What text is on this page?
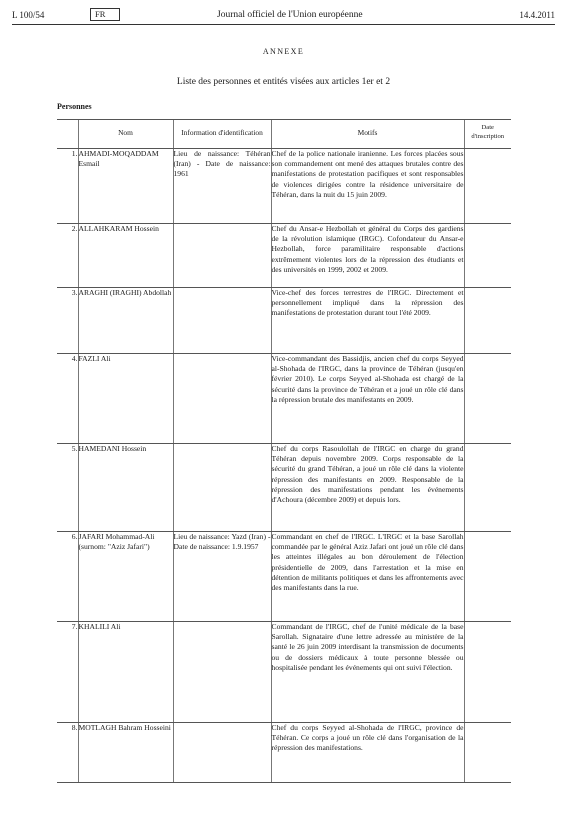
L 100/54	FR	Journal officiel de l'Union européenne	14.4.2011
ANNEXE
Liste des personnes et entités visées aux articles 1er et 2
Personnes
	Nom	Information d'identification	Motifs	Date d'inscription
1.	AHMADI-MOQADDAM Esmail	Lieu de naissance: Téhéran (Iran) - Date de naissance: 1961	Chef de la police nationale iranienne. Les forces placées sous son commandement ont mené des attaques brutales contre des manifestations de protestation pacifiques et sont responsables de violences dirigées contre la résidence universitaire de Téhéran, dans la nuit du 15 juin 2009.	
2.	ALLAHKARAM Hossein		Chef du Ansar-e Hezbollah et général du Corps des gardiens de la révolution islamique (IRGC). Cofondateur du Ansar-e Hezbollah, force paramilitaire responsable d'actions extrêmement violentes lors de la répression des étudiants et des universités en 1999, 2002 et 2009.	
3.	ARAGHI (IRAGHI) Abdollah		Vice-chef des forces terrestres de l'IRGC. Directement et personnellement impliqué dans la répression des manifestations de protestation durant tout l'été 2009.	
4.	FAZLI Ali		Vice-commandant des Bassidjis, ancien chef du corps Seyyed al-Shohada de l'IRGC, dans la province de Téhéran (jusqu'en février 2010). Le corps Seyyed al-Shohada est chargé de la sécurité dans la province de Téhéran et a joué un rôle clé dans la répression brutale des manifestants en 2009.	
5.	HAMEDANI Hossein		Chef du corps Rasoulollah de l'IRGC en charge du grand Téhéran depuis novembre 2009. Corps responsable de la sécurité du grand Téhéran, a joué un rôle clé dans la violente répression des manifestants en 2009. Responsable de la répression des manifestations pendant les événements d'Achoura (décembre 2009) et depuis lors.	
6.	JAFARI Mohammad-Ali (surnom: "Aziz Jafari")	Lieu de naissance: Yazd (Iran) - Date de naissance: 1.9.1957	Commandant en chef de l'IRGC. L'IRGC et la base Sarollah commandée par le général Aziz Jafari ont joué un rôle clé dans les atteintes illégales au bon déroulement de l'élection présidentielle de 2009, dans l'arrestation et la mise en détention de militants politiques et dans les affrontements avec des manifestants dans la rue.	
7.	KHALILI Ali		Commandant de l'IRGC, chef de l'unité médicale de la base Sarollah. Signataire d'une lettre adressée au ministère de la santé le 26 juin 2009 interdisant la transmission de documents ou de dossiers médicaux à toute personne blessée ou hospitalisée pendant les événements qui ont suivi l'élection.	
8.	MOTLAGH Bahram Hosseini		Chef du corps Seyyed al-Shohada de l'IRGC, province de Téhéran. Ce corps a joué un rôle clé dans l'organisation de la répression des manifestations.	
